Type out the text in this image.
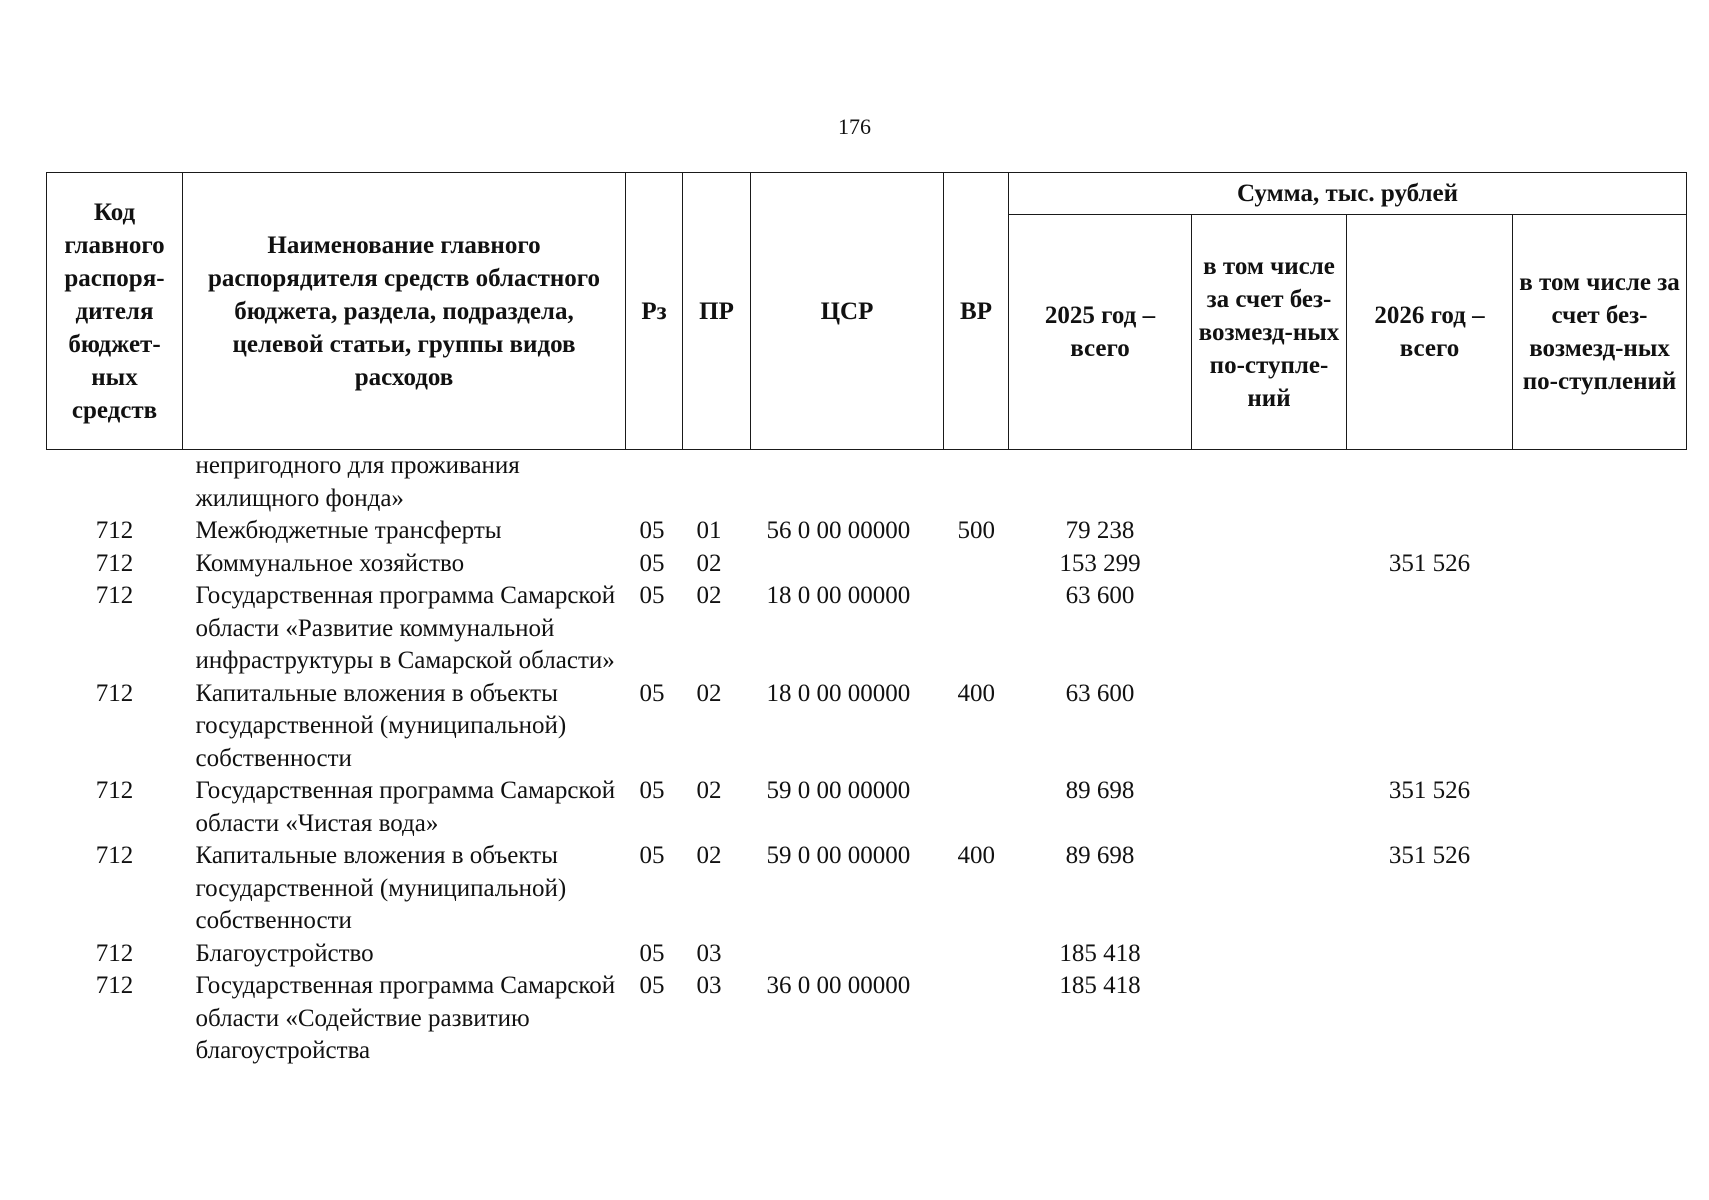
176
Код главного распоря-дителя бюджет-ных средств	Наименование главного распорядителя средств областного бюджета, раздела, подраздела, целевой статьи, группы видов расходов	Рз	ПР	ЦСР	ВР	Сумма, тыс. рублей			
						2025 год – всего	в том числе за счет без-возмезд-ных по-ступле-ний	2026 год – всего	в том числе за счет без-возмезд-ных по-ступлений
	непригодного для проживания жилищного фонда»								
712	Межбюджетные трансферты	05	01	56 0 00 00000	500	79 238			
712	Коммунальное хозяйство	05	02			153 299		351 526	
712	Государственная программа Самарской области «Развитие коммунальной инфраструктуры в Самарской области»	05	02	18 0 00 00000		63 600			
712	Капитальные вложения в объекты государственной (муниципальной) собственности	05	02	18 0 00 00000	400	63 600			
712	Государственная программа Самарской области «Чистая вода»	05	02	59 0 00 00000		89 698		351 526	
712	Капитальные вложения в объекты государственной (муниципальной) собственности	05	02	59 0 00 00000	400	89 698		351 526	
712	Благоустройство	05	03			185 418			
712	Государственная программа Самарской области «Содействие развитию благоустройства	05	03	36 0 00 00000		185 418			
